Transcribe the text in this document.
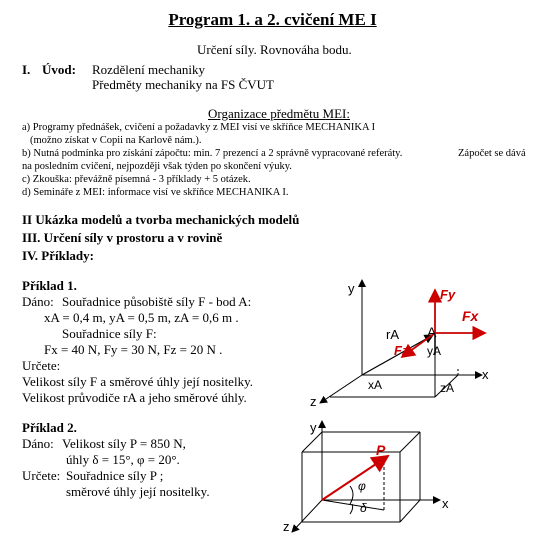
Program 1. a 2. cvičení ME I
Určení síly. Rovnováha bodu.
I. Úvod: Rozdělení mechaniky
Předměty mechaniky na FS ČVUT
Organizace předmětu MEI:
a) Programy přednášek, cvičení a požadavky z MEI visí ve skříňce MECHANIKA I
(možno získat v Copii na Karlově nám.).
b) Nutná podmínka pro získání zápočtu: min. 7 prezencí a 2 správně vypracované referáty.	Zápočet se dává
na posledním cvičení, nejpozději však týden po skončení výuky.
c) Zkouška: převážně písemná - 3 příklady + 5 otázek.
d) Semináře z MEI: informace visí ve skříňce MECHANIKA I.
II Ukázka modelů a tvorba mechanických modelů
III. Určení síly v prostoru a v rovině
IV. Příklady:
Příklad 1.
Dáno: Souřadnice působiště síly F - bod A:
xA = 0,4 m, yA = 0,5 m, zA = 0,6 m .
Souřadnice síly F:
Fx = 40 N, Fy = 30 N, Fz = 20 N .
Určete:
Velikost síly F a směrové úhly její nositelky.
Velikost průvodiče rA a jeho směrové úhly.
Příklad 2.
Dáno: Velikost síly P = 850 N,
úhly δ = 15°, φ = 20°.
Určete: Souřadnice síly P ;
směrové úhly její nositelky.
y
x
z
A
rA
yA
xA	zA
Fy
Fx
Fz
y
x
z
P
φ
δ
